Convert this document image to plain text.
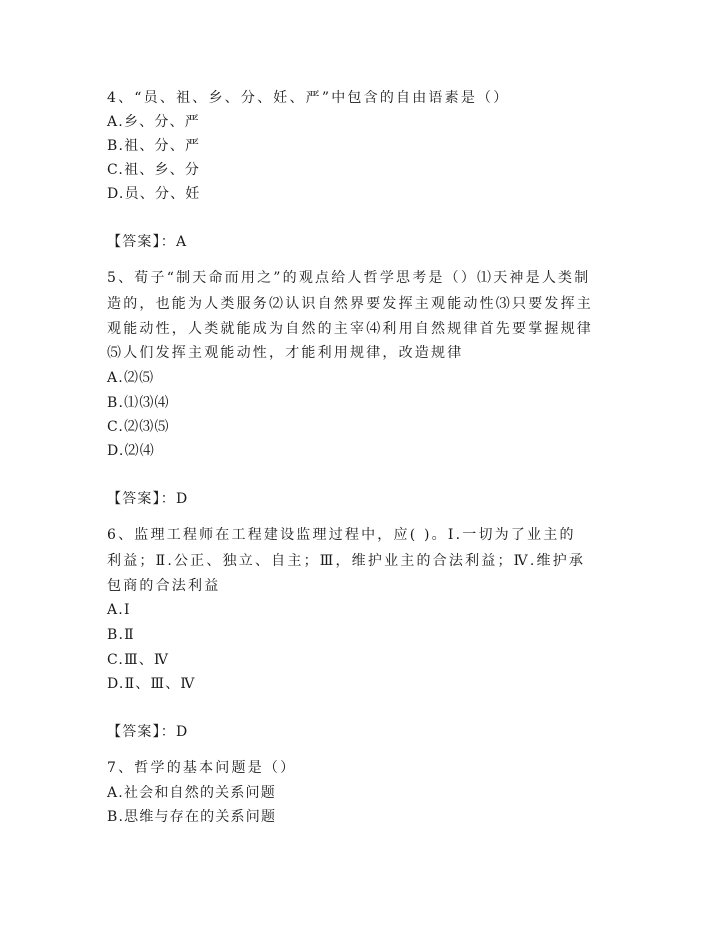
4、“员、祖、乡、分、妊、严”中包含的自由语素是（）
A.乡、分、严
B.祖、分、严
C.祖、乡、分
D.员、分、妊
【答案】：A
5、荀子“制天命而用之”的观点给人哲学思考是（）⑴天神是人类制
造的，也能为人类服务⑵认识自然界要发挥主观能动性⑶只要发挥主
观能动性，人类就能成为自然的主宰⑷利用自然规律首先要掌握规律
⑸人们发挥主观能动性，才能利用规律，改造规律
A.⑵⑸
B.⑴⑶⑷
C.⑵⑶⑸
D.⑵⑷
【答案】：D
6、监理工程师在工程建设监理过程中，应( )。Ⅰ.一切为了业主的
利益；Ⅱ.公正、独立、自主；Ⅲ，维护业主的合法利益；Ⅳ.维护承
包商的合法利益
A.Ⅰ
B.Ⅱ
C.Ⅲ、Ⅳ
D.Ⅱ、Ⅲ、Ⅳ
【答案】：D
7、哲学的基本问题是（）
A.社会和自然的关系问题
B.思维与存在的关系问题
